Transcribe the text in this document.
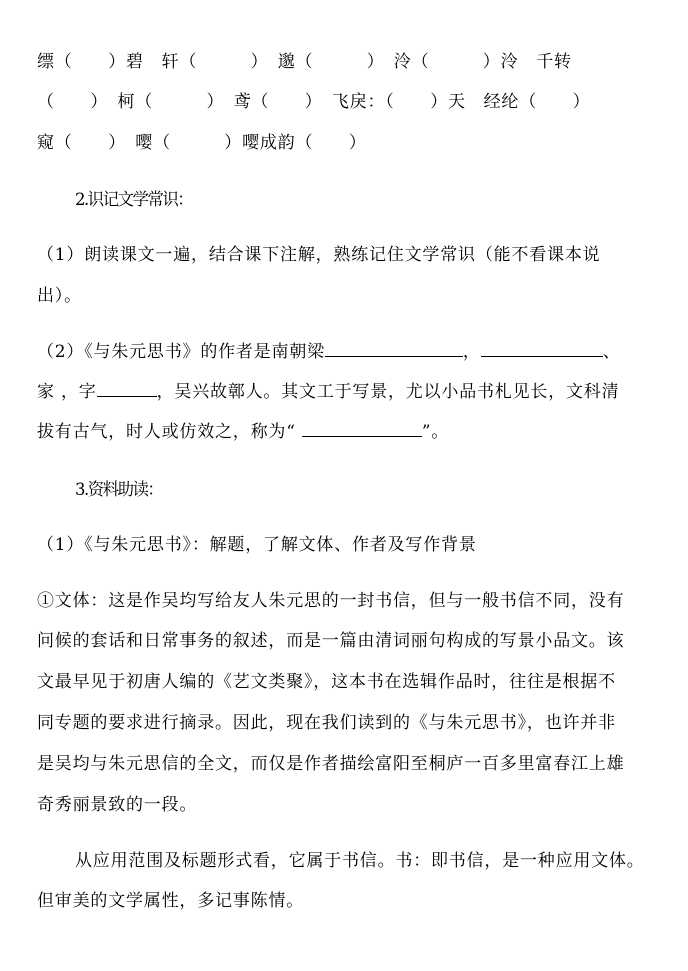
缥（　　）碧　轩（　　　）　邈（　　　）　泠（　　　）泠　千转
（　　）　柯（　　　）　鸢（　　）　飞戾：（　　）天　经纶（　　）
窥（　　）　嘤（　　　）嘤成韵（　　）
2.识记文学常识：
（1）朗读课文一遍，结合课下注解，熟练记住文学常识（能不看课本说
出）。
（2）《与朱元思书》的作者是南朝梁	，	、
家 ，字	，吴兴故鄣人。其文工于写景，尤以小品书札见长，文科清
拔有古气，时人或仿效之，称为“	”。
3.资料助读：
（1）《与朱元思书》：解题，了解文体、作者及写作背景
①文体：这是作吴均写给友人朱元思的一封书信，但与一般书信不同，没有
问候的套话和日常事务的叙述，而是一篇由清词丽句构成的写景小品文。该
文最早见于初唐人编的《艺文类聚》，这本书在选辑作品时，往往是根据不
同专题的要求进行摘录。因此，现在我们读到的《与朱元思书》，也许并非
是吴均与朱元思信的全文，而仅是作者描绘富阳至桐庐一百多里富春江上雄
奇秀丽景致的一段。
从应用范围及标题形式看，它属于书信。书：即书信，是一种应用文体。
但审美的文学属性，多记事陈情。
